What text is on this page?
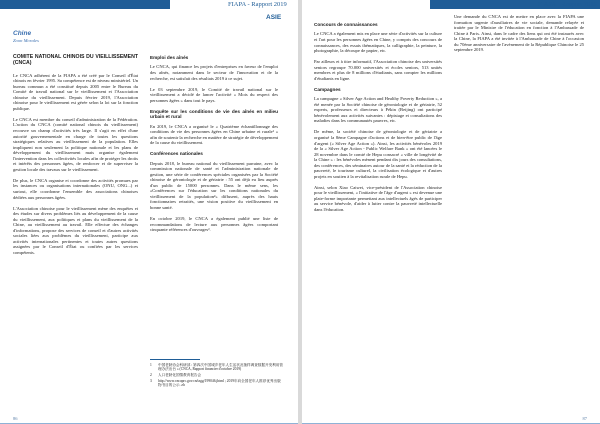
FIAPA - Rapport 2019
ASIE
Chine
Zoon Morales
COMITE NATIONAL CHINOIS DU VIEILLISSEMENT (CNCA)

Le CNCA adhérent de la FIAPA a été créé par le Conseil d'État chinois en février 1995. Sa compétence est de niveau ministériel. Un bureau commun a été constitué depuis 2005 entre le Bureau du Comité de travail national sur le vieillissement et l'Association chinoise du vieillissement. Depuis février 2019, l'Association chinoise pour le vieillissement est gérée selon la loi sur la fonction publique.

Le CNCA est membre du conseil d'administration de la Fédération. L'action du CNCA (comité national chinois du vieillissement) recouvre un champ d'activités très large. Il s'agit en effet d'une autorité gouvernementale en charge de toutes les questions stratégiques relatives au vieillissement de la population. Elles impliquent non seulement la politique nationale et les plans de développement du vieillissement mais organise également l'intervention dans les collectivités locales afin de protéger les droits et intérêts des personnes âgées, de renforcer et de superviser la gestion locale des travaux sur le vieillissement.

De plus, le CNCA organise et coordonne des activités promues par les instances ou organisations internationales (ONU, ONG...) et surtout, elle coordonne l'ensemble des associations chinoises dédiées aux personnes âgées.

L'Association chinoise pour le vieillissement mène des enquêtes et des études sur divers problèmes liés au développement de la cause du vieillissement, aux politiques et plans du vieillissement de la Chine, au vieillissement au travail. Elle effectue des échanges d'informations, propose des services de conseil et d'autres activités sociales liées aux problèmes du vieillissement, participe aux activités internationales pertinentes et toutes autres questions assignées par le Conseil d'État ou confiées par les services compétents.

Emploi des aînés

Le CNCA, qui finance les projets d'entreprises en faveur de l'emploi des aînés, notamment dans le secteur de l'innovation et de la recherche, est satisfait des résultats 2019 à ce sujet.

Le 03 septembre 2019, le Comité de travail national sur le vieillissement a décidé de lancer l'activité « Mois du respect des personnes âgées » dans tout le pays.

Enquête sur les conditions de vie des aînés en milieu urbain et rural

En 2019, le CNCA a organisé le « Quatrième échantillonnage des conditions de vie des personnes âgées en Chine urbaine et rurale¹ » afin de soutenir la recherche en matière de stratégie de développement de la cause du vieillissement.

Conférences nationales

Depuis 2018, le bureau national du vieillissement parraine, avec la commission nationale de santé et l'administration nationale de gestion, une série de conférences spéciales organisées par la Société chinoise de gérontologie et de gériatrie : 55 ont déjà eu lieu auprès d'un public de 15000 personnes. Dans le même sens, les «Conférences sur l'éducation sur les conditions nationales du vieillissement de la population²» diffusent, auprès des hauts fonctionnaires retraités, une vision positive du vieillissement en bonne santé.

En octobre 2019, le CNCA a également publié une liste de recommandations de lecture aux personnes âgées comportant cinquante références d'ouvrages³.

1	中国老龄协会科研部 : 第四次中国城乡老年人生活状况抽样调查数据开发利用管理办法出台 » (CNCA, Rapport financier d'octobre 2019)
2	人口老龄化国情教育报告会
3	http://www.cncaprc.gov.cn/tzgg/199046.jhtml ; 2019年向全国老年人推荐优秀出版物书目的公示 .zh
86
FIAPA - Rapport 2019
Concours de connaissances

Le CNCA a également mis en place une série d'activités sur la culture et l'art pour les personnes âgées en Chine, y compris des concours de connaissances, des essais thématiques, la calligraphie, la peinture, la photographie, la découpe de papier, etc.

Par ailleurs et à titre informatif, l'Association chinoise des universités seniors regroupe 70.000 universités et écoles seniors, 513 unités membres et plus de 8 millions d'étudiants, sans compter les millions d'étudiants en ligne.

Campagnes

La campagne « Silver Age Action and Healthy Poverty Reduction », a été menée par la Société chinoise de gérontologie et de gériatrie, 52 experts, professeurs et directeurs à Pékin (Beijing) ont participé bénévolement aux activités suivantes : dépistage et consultations des maladies dans les communautés pauvres, etc.

De même, la société chinoise de gérontologie et de gériatrie a organisé la 8ème Campagne d'actions et de bien-être public de l'âge d'argent (« Silver Age Action »). Ainsi, les activités bénévoles 2019 de la « Silver Age Action - Public Welfare Bank » ont été lancées le 28 novembre dans le comté de Hepu consacré « ville de longévité de la Chine » : les bénévoles mènent pendant dix jours des consultations, des conférences, des séminaires autour de la santé et la réduction de la pauvreté, le tourisme culturel, la civilisation écologique et d'autres projets en soutien à la revitalisation rurale de Hepu.

Ainsi, selon Xiao Caiwei, vice-président de l'Association chinoise pour le vieillissement, « l'initiative de l'âge d'argent » est devenue une plate-forme importante permettant aux intellectuels âgés de participer au service bénévole, d'aider à lutter contre la pauvreté intellectuelle dans l'éducation.

Une demande du CNCA est de mettre en place avec la FIAPA une formation urgente d'auxiliaires de vie sociale, demande relayée et traitée par le Ministre de l'éducation en fonction à l'Ambassade de Chine à Paris. Ainsi, dans le cadre des liens qui ont été instaurés avec la Chine, la FIAPA a été invitée à l'Ambassade de Chine à l'occasion du 70ème anniversaire de l'avènement de la République Chinoise le 25 septembre 2019.

87
